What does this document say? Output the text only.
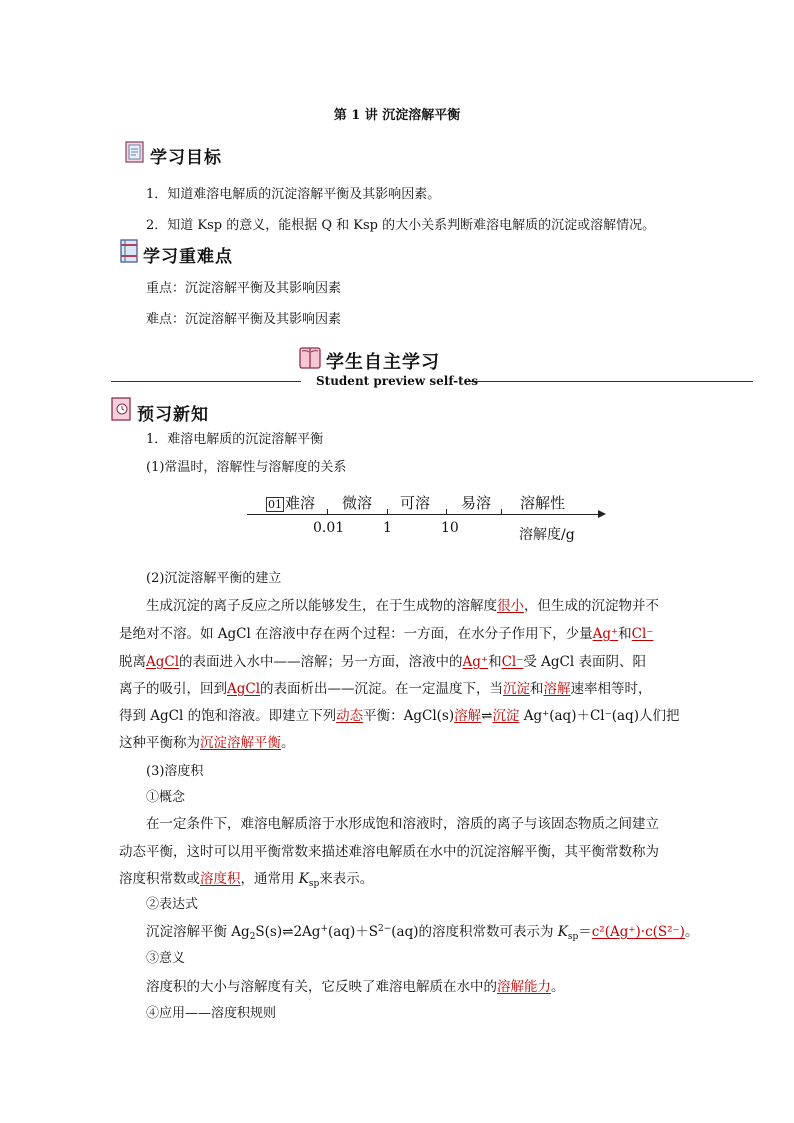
第 1 讲 沉淀溶解平衡
学习目标
1．知道难溶电解质的沉淀溶解平衡及其影响因素。
2．知道 Ksp 的意义，能根据 Q 和 Ksp 的大小关系判断难溶电解质的沉淀或溶解情况。
学习重难点
重点：沉淀溶解平衡及其影响因素
难点：沉淀溶解平衡及其影响因素
学生自主学习
Student preview self-tes
预习新知
1．难溶电解质的沉淀溶解平衡
(1)常温时，溶解性与溶解度的关系
01 难溶 微溶 可溶 易溶 溶解性
0.01	1	10	溶解度/g
(2)沉淀溶解平衡的建立
生成沉淀的离子反应之所以能够发生，在于生成物的溶解度很小，但生成的沉淀物并不
是绝对不溶。如 AgCl 在溶液中存在两个过程：一方面，在水分子作用下，少量Ag⁺和Cl⁻
脱离AgCl的表面进入水中——溶解；另一方面，溶液中的Ag⁺和Cl⁻受 AgCl 表面阴、阳
离子的吸引，回到AgCl的表面析出——沉淀。在一定温度下，当沉淀和溶解速率相等时，
得到 AgCl 的饱和溶液。即建立下列动态平衡：AgCl(s)溶解⇌沉淀 Ag⁺(aq)＋Cl⁻(aq)人们把
这种平衡称为沉淀溶解平衡。
(3)溶度积
①概念
在一定条件下，难溶电解质溶于水形成饱和溶液时，溶质的离子与该固态物质之间建立
动态平衡，这时可以用平衡常数来描述难溶电解质在水中的沉淀溶解平衡，其平衡常数称为
溶度积常数或溶度积，通常用 $K_{sp}$来表示。
②表达式
沉淀溶解平衡 $Ag_2S(s)\rightleftharpoons 2Ag^+(aq)+S^{2-}(aq)$的溶度积常数可表示为 $K_{sp}=c^2(Ag^+)\cdot c(S^{2-})$。
③意义
溶度积的大小与溶解度有关，它反映了难溶电解质在水中的溶解能力。
④应用——溶度积规则
